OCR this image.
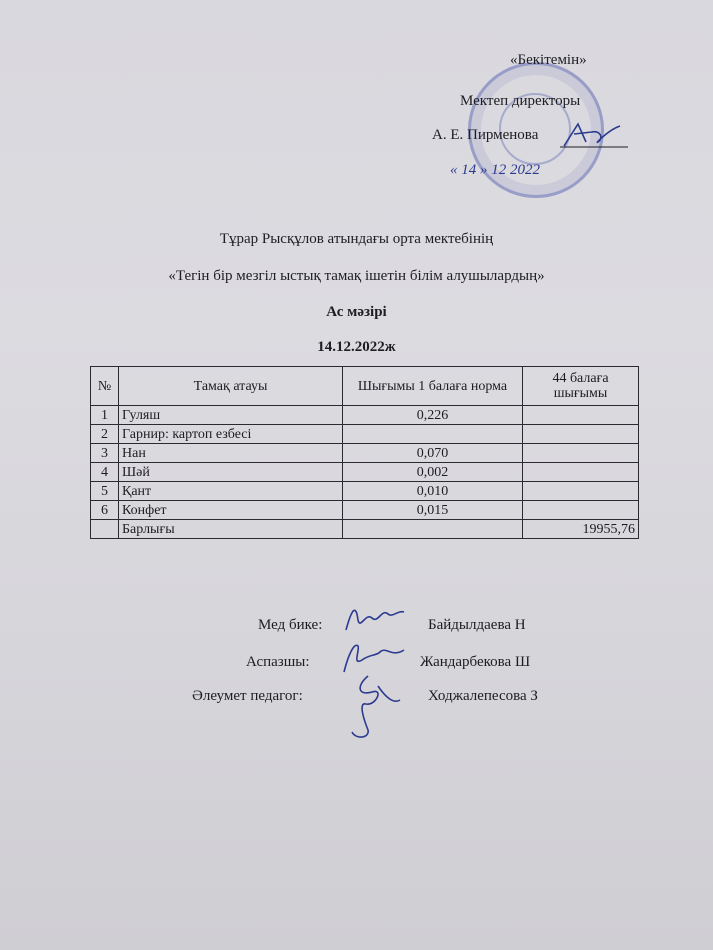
«Бекітемін»
Мектеп директоры
А. Е. Пирменова
« 14 » 12 2022
Тұрар Рысқұлов атындағы орта мектебінің
«Тегін бір мезгіл ыстық тамақ ішетін білім алушылардың»
Ас мәзірі
14.12.2022ж
№	Тамақ атауы	Шығымы 1 балаға норма	44 балаға шығымы
1	Гуляш	0,226	
2	Гарнир: картоп езбесі		
3	Нан	0,070	
4	Шәй	0,002	
5	Қант	0,010	
6	Конфет	0,015	
	Барлығы		19955,76
Мед бике:	Байдылдаева Н
Аспазшы:	Жандарбекова Ш
Әлеумет педагог:	Ходжалепесова З
